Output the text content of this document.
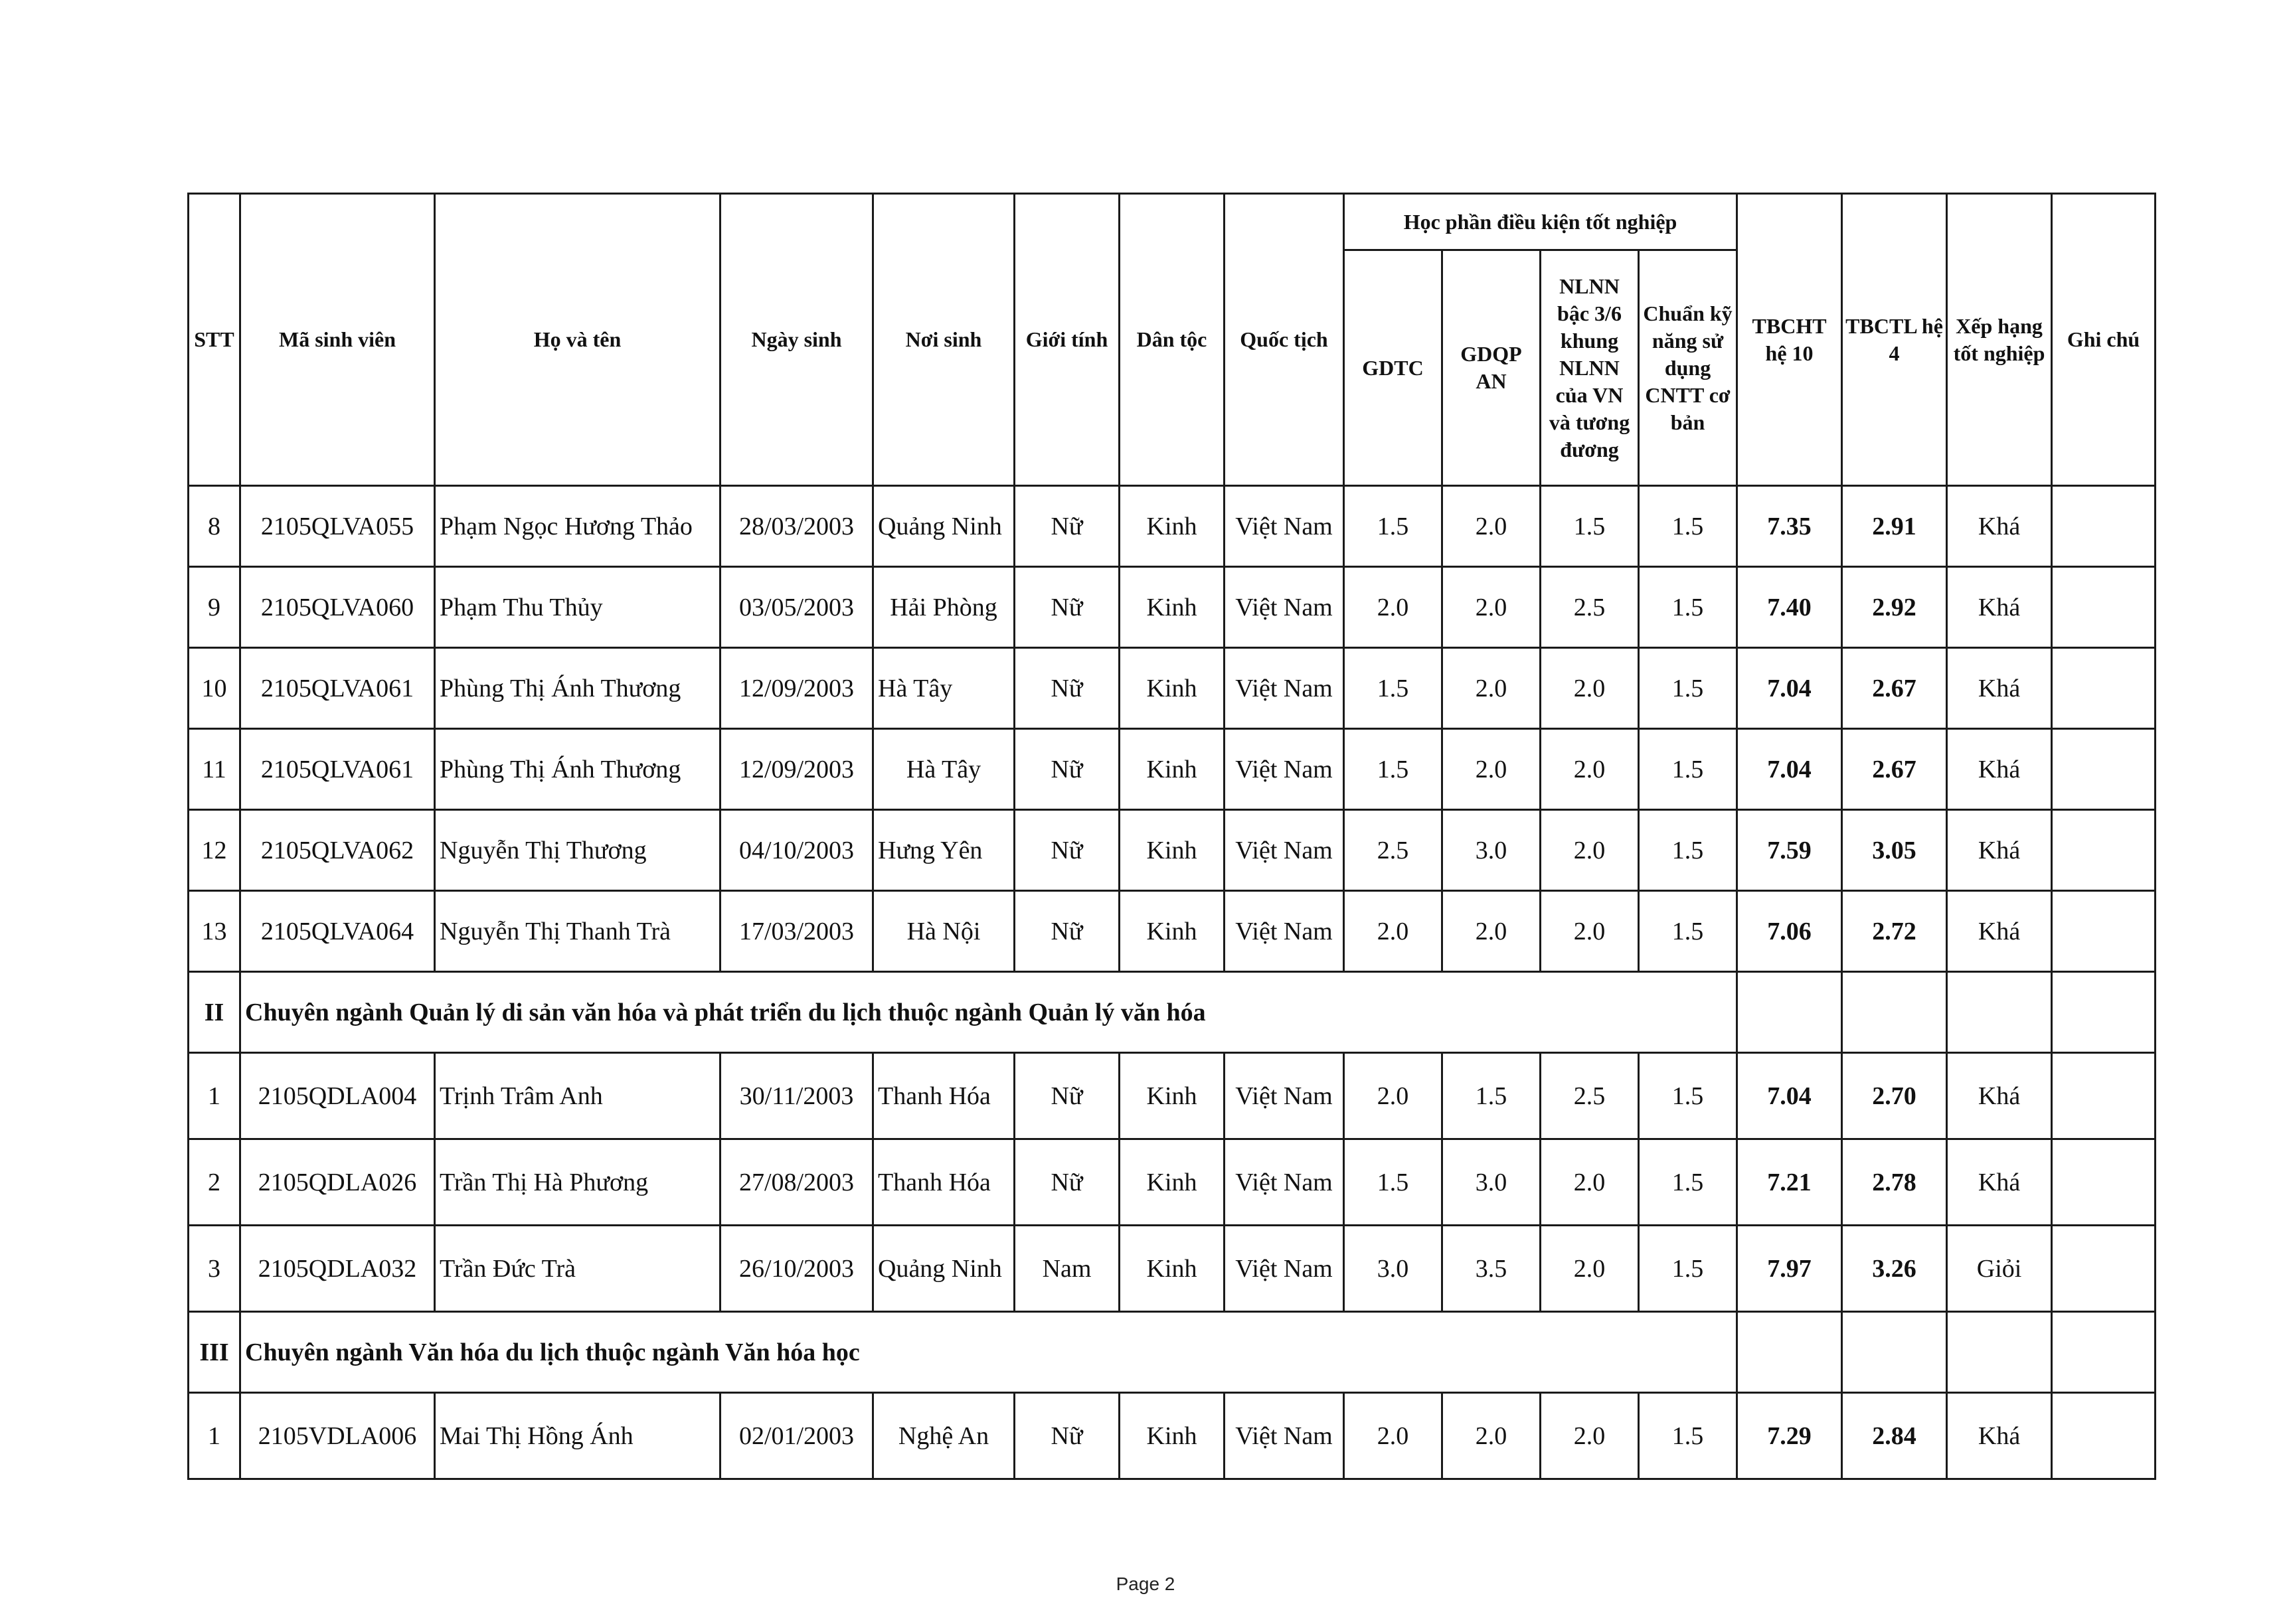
STT	Mã sinh viên	Họ và tên	Ngày sinh	Nơi sinh	Giới tính	Dân tộc	Quốc tịch	Học phần điều kiện tốt nghiệp				TBCHT hệ 10	TBCTL hệ 4	Xếp hạng tốt nghiệp	Ghi chú
								GDTC	GDQP AN	NLNN bậc 3/6 khung NLNN của VN và tương đương	Chuẩn kỹ năng sử dụng CNTT cơ bản				
8	2105QLVA055	Phạm Ngọc Hương Thảo	28/03/2003	Quảng Ninh	Nữ	Kinh	Việt Nam	1.5	2.0	1.5	1.5	7.35	2.91	Khá	
9	2105QLVA060	Phạm Thu Thủy	03/05/2003	Hải Phòng	Nữ	Kinh	Việt Nam	2.0	2.0	2.5	1.5	7.40	2.92	Khá	
10	2105QLVA061	Phùng Thị Ánh Thương	12/09/2003	Hà Tây	Nữ	Kinh	Việt Nam	1.5	2.0	2.0	1.5	7.04	2.67	Khá	
11	2105QLVA061	Phùng Thị Ánh Thương	12/09/2003	Hà Tây	Nữ	Kinh	Việt Nam	1.5	2.0	2.0	1.5	7.04	2.67	Khá	
12	2105QLVA062	Nguyễn Thị Thương	04/10/2003	Hưng Yên	Nữ	Kinh	Việt Nam	2.5	3.0	2.0	1.5	7.59	3.05	Khá	
13	2105QLVA064	Nguyễn Thị Thanh Trà	17/03/2003	Hà Nội	Nữ	Kinh	Việt Nam	2.0	2.0	2.0	1.5	7.06	2.72	Khá	
II	Chuyên ngành Quản lý di sản văn hóa và phát triển du lịch thuộc ngành Quản lý văn hóa														
1	2105QDLA004	Trịnh Trâm Anh	30/11/2003	Thanh Hóa	Nữ	Kinh	Việt Nam	2.0	1.5	2.5	1.5	7.04	2.70	Khá	
2	2105QDLA026	Trần Thị Hà Phương	27/08/2003	Thanh Hóa	Nữ	Kinh	Việt Nam	1.5	3.0	2.0	1.5	7.21	2.78	Khá	
3	2105QDLA032	Trần Đức Trà	26/10/2003	Quảng Ninh	Nam	Kinh	Việt Nam	3.0	3.5	2.0	1.5	7.97	3.26	Giỏi	
III	Chuyên ngành Văn hóa du lịch thuộc ngành Văn hóa học														
1	2105VDLA006	Mai Thị Hồng Ánh	02/01/2003	Nghệ An	Nữ	Kinh	Việt Nam	2.0	2.0	2.0	1.5	7.29	2.84	Khá	
Page 2
